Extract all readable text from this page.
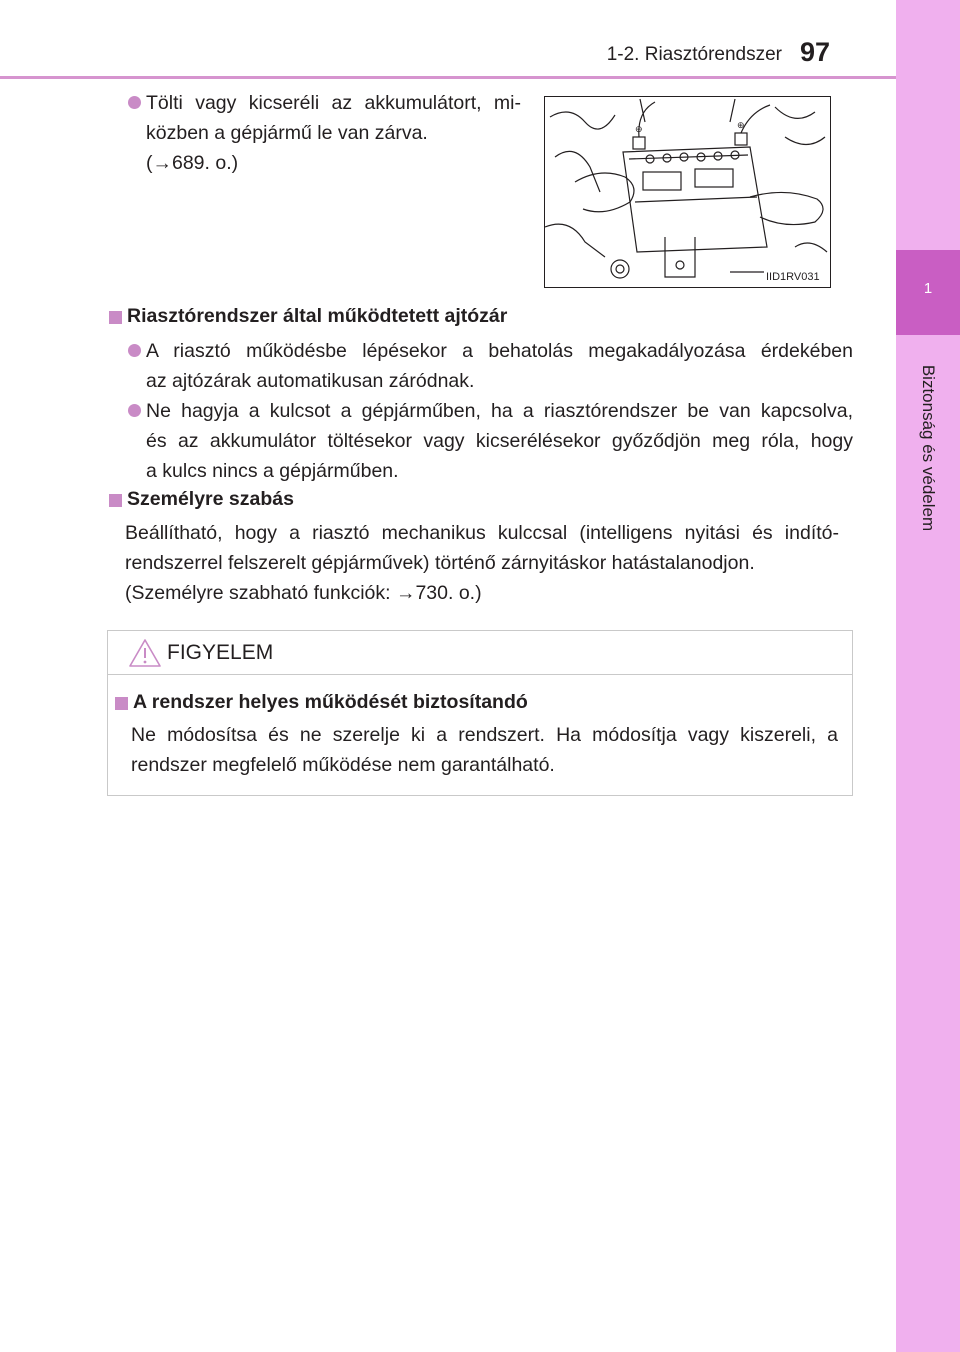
1-2. Riasztórendszer 97
1
Biztonság és védelem
Tölti vagy kicseréli az akkumulátort, mi-
közben a gépjármű le van zárva.
(→689. o.)
⊖	⊕
IID1RV031
Riasztórendszer által működtetett ajtózár
A riasztó működésbe lépésekor a behatolás megakadályozása érdekében
az ajtózárak automatikusan záródnak.
Ne hagyja a kulcsot a gépjárműben, ha a riasztórendszer be van kapcsolva,
és az akkumulátor töltésekor vagy kicserélésekor győződjön meg róla, hogy
a kulcs nincs a gépjárműben.
Személyre szabás
Beállítható, hogy a riasztó mechanikus kulccsal (intelligens nyitási és indító-
rendszerrel felszerelt gépjárművek) történő zárnyitáskor hatástalanodjon.
(Személyre szabható funkciók: →730. o.)
FIGYELEM
A rendszer helyes működését biztosítandó
Ne módosítsa és ne szerelje ki a rendszert. Ha módosítja vagy kiszereli, a
rendszer megfelelő működése nem garantálható.
